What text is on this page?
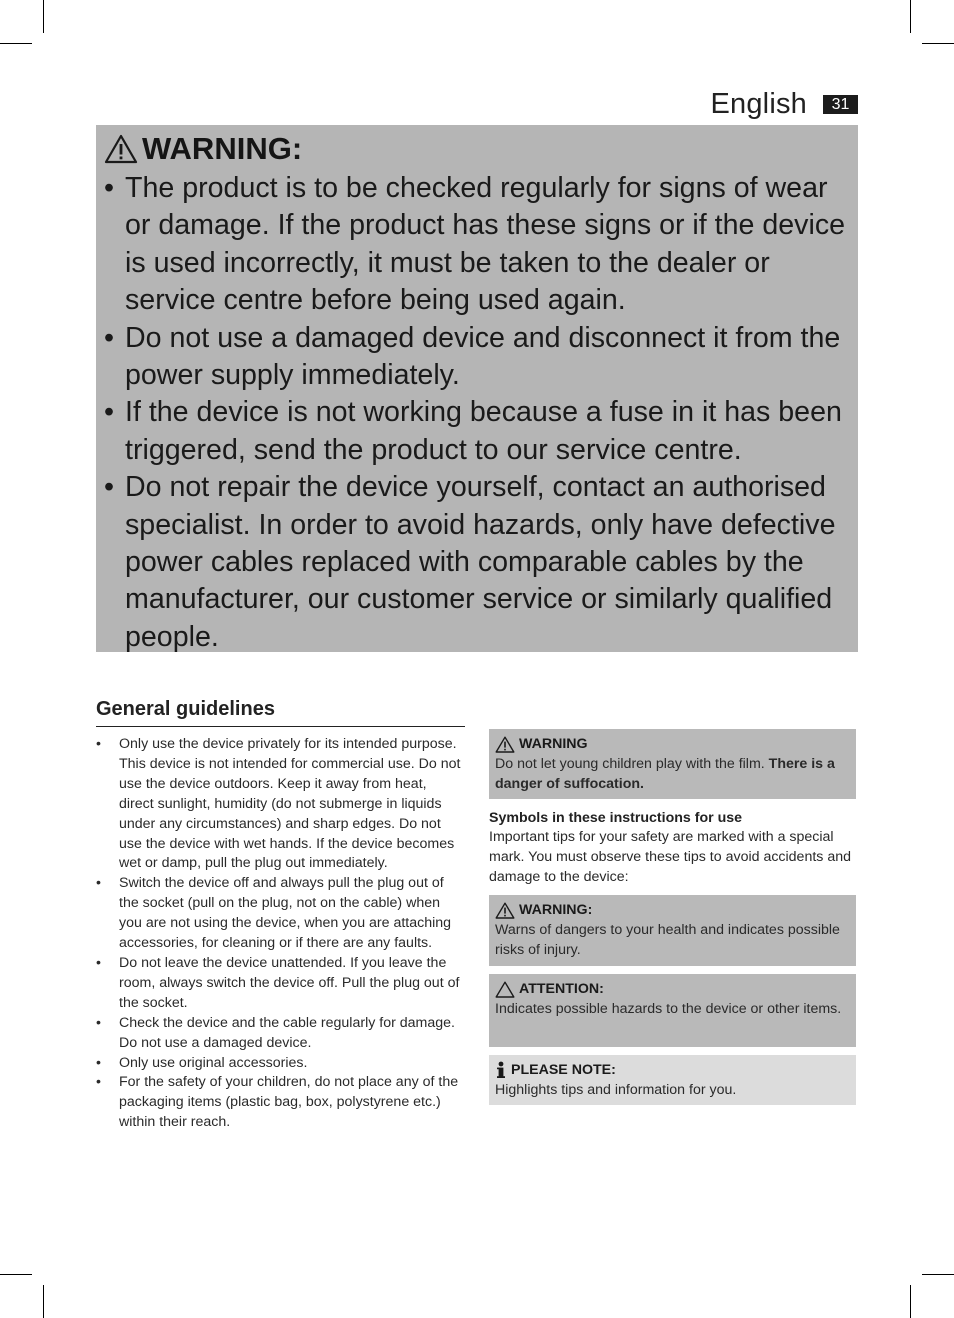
English	31
WARNING:
• The product is to be checked regularly for signs of wear or damage. If the product has these signs or if the device is used incorrectly, it must be taken to the dealer or service centre before being used again.
• Do not use a damaged device and disconnect it from the power supply immediately.
• If the device is not working because a fuse in it has been triggered, send the product to our service centre.
• Do not repair the device yourself, contact an authorised specialist. In order to avoid hazards, only have defective power cables replaced with comparable cables by the manufacturer, our customer service or similarly qualified people.
General guidelines
• Only use the device privately for its intended purpose. This device is not intended for commercial use. Do not use the device outdoors. Keep it away from heat, direct sunlight, humidity (do not submerge in liquids under any circumstances) and sharp edges. Do not use the device with wet hands. If the device becomes wet or damp, pull the plug out immediately.
• Switch the device off and always pull the plug out of the socket (pull on the plug, not on the cable) when you are not using the device, when you are attaching accessories, for cleaning or if there are any faults.
• Do not leave the device unattended. If you leave the room, always switch the device off. Pull the plug out of the socket.
• Check the device and the cable regularly for damage. Do not use a damaged device.
• Only use original accessories.
• For the safety of your children, do not place any of the packaging items (plastic bag, box, polystyrene etc.) within their reach.
WARNING
Do not let young children play with the film. There is a danger of suffocation.
Symbols in these instructions for use
Important tips for your safety are marked with a special mark. You must observe these tips to avoid accidents and damage to the device:
WARNING:
Warns of dangers to your health and indicates possible risks of injury.
ATTENTION:
Indicates possible hazards to the device or other items.
PLEASE NOTE:
Highlights tips and information for you.
